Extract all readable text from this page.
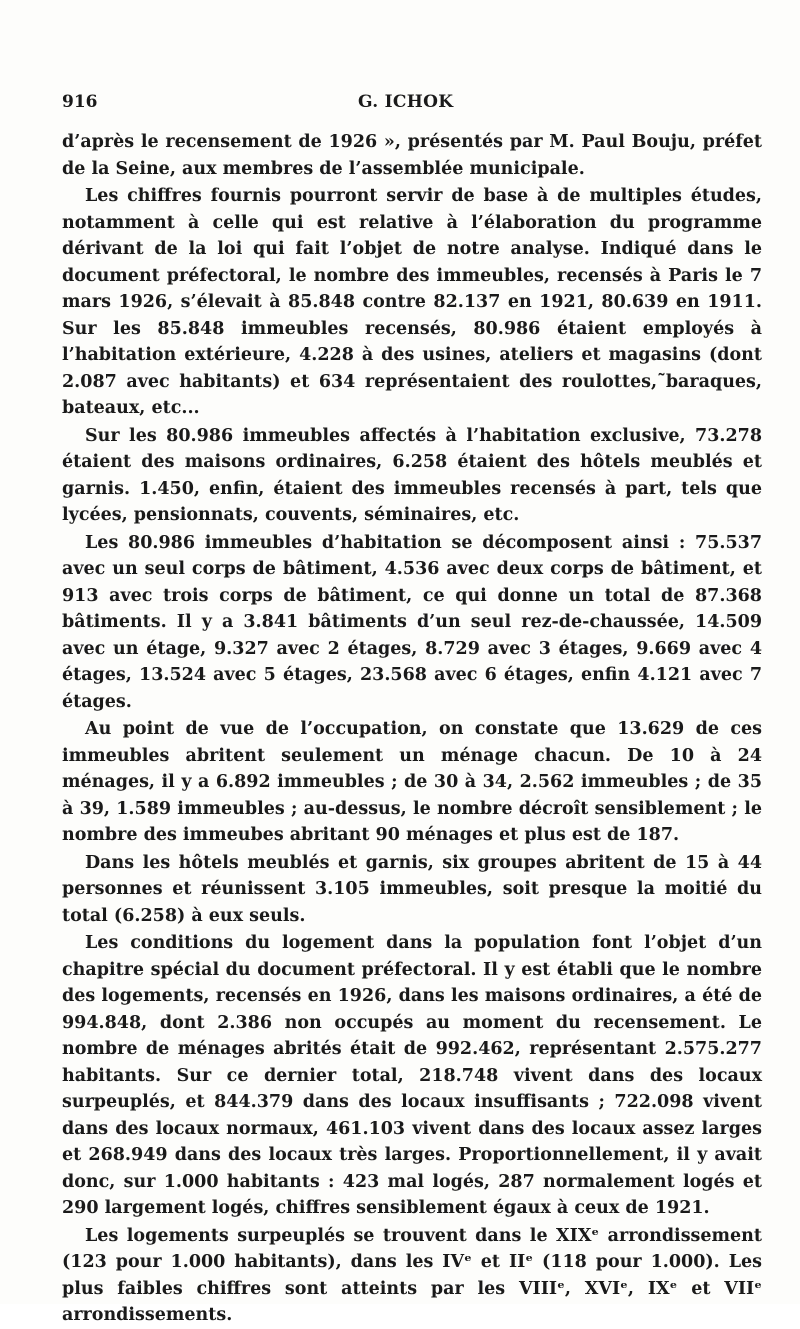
916	G. ICHOK

d’après le recensement de 1926 », présentés par M. Paul Bouju, préfet de la Seine, aux membres de l’assemblée municipale.

Les chiffres fournis pourront servir de base à de multiples études, notamment à celle qui est relative à l’élaboration du programme dérivant de la loi qui fait l’objet de notre analyse. Indiqué dans le document préfectoral, le nombre des immeubles, recensés à Paris le 7 mars 1926, s’élevait à 85.848 contre 82.137 en 1921, 80.639 en 1911. Sur les 85.848 immeubles recensés, 80.986 étaient employés à l’habitation extérieure, 4.228 à des usines, ateliers et magasins (dont 2.087 avec habitants) et 634 représentaient des roulottes,˜baraques, bateaux, etc...

Sur les 80.986 immeubles affectés à l’habitation exclusive, 73.278 étaient des maisons ordinaires, 6.258 étaient des hôtels meublés et garnis. 1.450, enfin, étaient des immeubles recensés à part, tels que lycées, pensionnats, couvents, séminaires, etc.

Les 80.986 immeubles d’habitation se décomposent ainsi : 75.537 avec un seul corps de bâtiment, 4.536 avec deux corps de bâtiment, et 913 avec trois corps de bâtiment, ce qui donne un total de 87.368 bâtiments. Il y a 3.841 bâtiments d’un seul rez-de-chaussée, 14.509 avec un étage, 9.327 avec 2 étages, 8.729 avec 3 étages, 9.669 avec 4 étages, 13.524 avec 5 étages, 23.568 avec 6 étages, enfin 4.121 avec 7 étages.

Au point de vue de l’occupation, on constate que 13.629 de ces immeubles abritent seulement un ménage chacun. De 10 à 24 ménages, il y a 6.892 immeubles ; de 30 à 34, 2.562 immeubles ; de 35 à 39, 1.589 immeubles ; au-dessus, le nombre décroît sensiblement ; le nombre des immeubes abritant 90 ménages et plus est de 187.

Dans les hôtels meublés et garnis, six groupes abritent de 15 à 44 personnes et réunissent 3.105 immeubles, soit presque la moitié du total (6.258) à eux seuls.

Les conditions du logement dans la population font l’objet d’un chapitre spécial du document préfectoral. Il y est établi que le nombre des logements, recensés en 1926, dans les maisons ordinaires, a été de 994.848, dont 2.386 non occupés au moment du recensement. Le nombre de ménages abrités était de 992.462, représentant 2.575.277 habitants. Sur ce dernier total, 218.748 vivent dans des locaux surpeuplés, et 844.379 dans des locaux insuffisants ; 722.098 vivent dans des locaux normaux, 461.103 vivent dans des locaux assez larges et 268.949 dans des locaux très larges. Proportionnellement, il y avait donc, sur 1.000 habitants : 423 mal logés, 287 normalement logés et 290 largement logés, chiffres sensiblement égaux à ceux de 1921.

Les logements surpeuplés se trouvent dans le XIXᵉ arrondissement (123 pour 1.000 habitants), dans les IVᵉ et IIᵉ (118 pour 1.000). Les plus faibles chiffres sont atteints par les VIIIᵉ, XVIᵉ, IXᵉ et VIIᵉ arrondissements.
